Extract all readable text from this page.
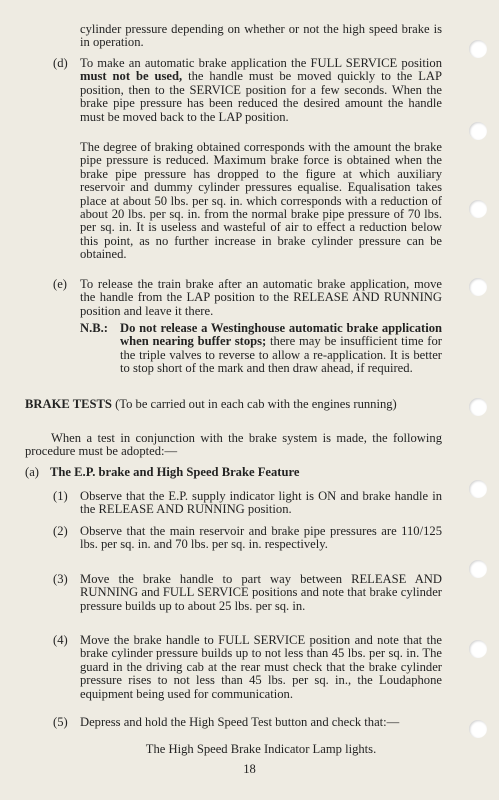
cylinder pressure depending on whether or not the high speed brake is in operation.

(d) To make an automatic brake application the FULL SERVICE position must not be used, the handle must be moved quickly to the LAP position, then to the SERVICE position for a few seconds. When the brake pipe pressure has been reduced the desired amount the handle must be moved back to the LAP position.

The degree of braking obtained corresponds with the amount the brake pipe pressure is reduced. Maximum brake force is obtained when the brake pipe pressure has dropped to the figure at which auxiliary reservoir and dummy cylinder pressures equalise. Equalisation takes place at about 50 lbs. per sq. in. which corresponds with a reduction of about 20 lbs. per sq. in. from the normal brake pipe pressure of 70 lbs. per sq. in. It is useless and wasteful of air to effect a reduction below this point, as no further increase in brake cylinder pressure can be obtained.

(e) To release the train brake after an automatic brake application, move the handle from the LAP position to the RELEASE AND RUNNING position and leave it there.

N.B.: Do not release a Westinghouse automatic brake application when nearing buffer stops; there may be insufficient time for the triple valves to reverse to allow a re-application. It is better to stop short of the mark and then draw ahead, if required.

BRAKE TESTS (To be carried out in each cab with the engines running)

When a test in conjunction with the brake system is made, the following procedure must be adopted:—

(a) The E.P. brake and High Speed Brake Feature

(1) Observe that the E.P. supply indicator light is ON and brake handle in the RELEASE AND RUNNING position.

(2) Observe that the main reservoir and brake pipe pressures are 110/125 lbs. per sq. in. and 70 lbs. per sq. in. respectively.

(3) Move the brake handle to part way between RELEASE AND RUNNING and FULL SERVICE positions and note that brake cylinder pressure builds up to about 25 lbs. per sq. in.

(4) Move the brake handle to FULL SERVICE position and note that the brake cylinder pressure builds up to not less than 45 lbs. per sq. in. The guard in the driving cab at the rear must check that the brake cylinder pressure rises to not less than 45 lbs. per sq. in., the Loudaphone equipment being used for communication.

(5) Depress and hold the High Speed Test button and check that:—

The High Speed Brake Indicator Lamp lights.

18
